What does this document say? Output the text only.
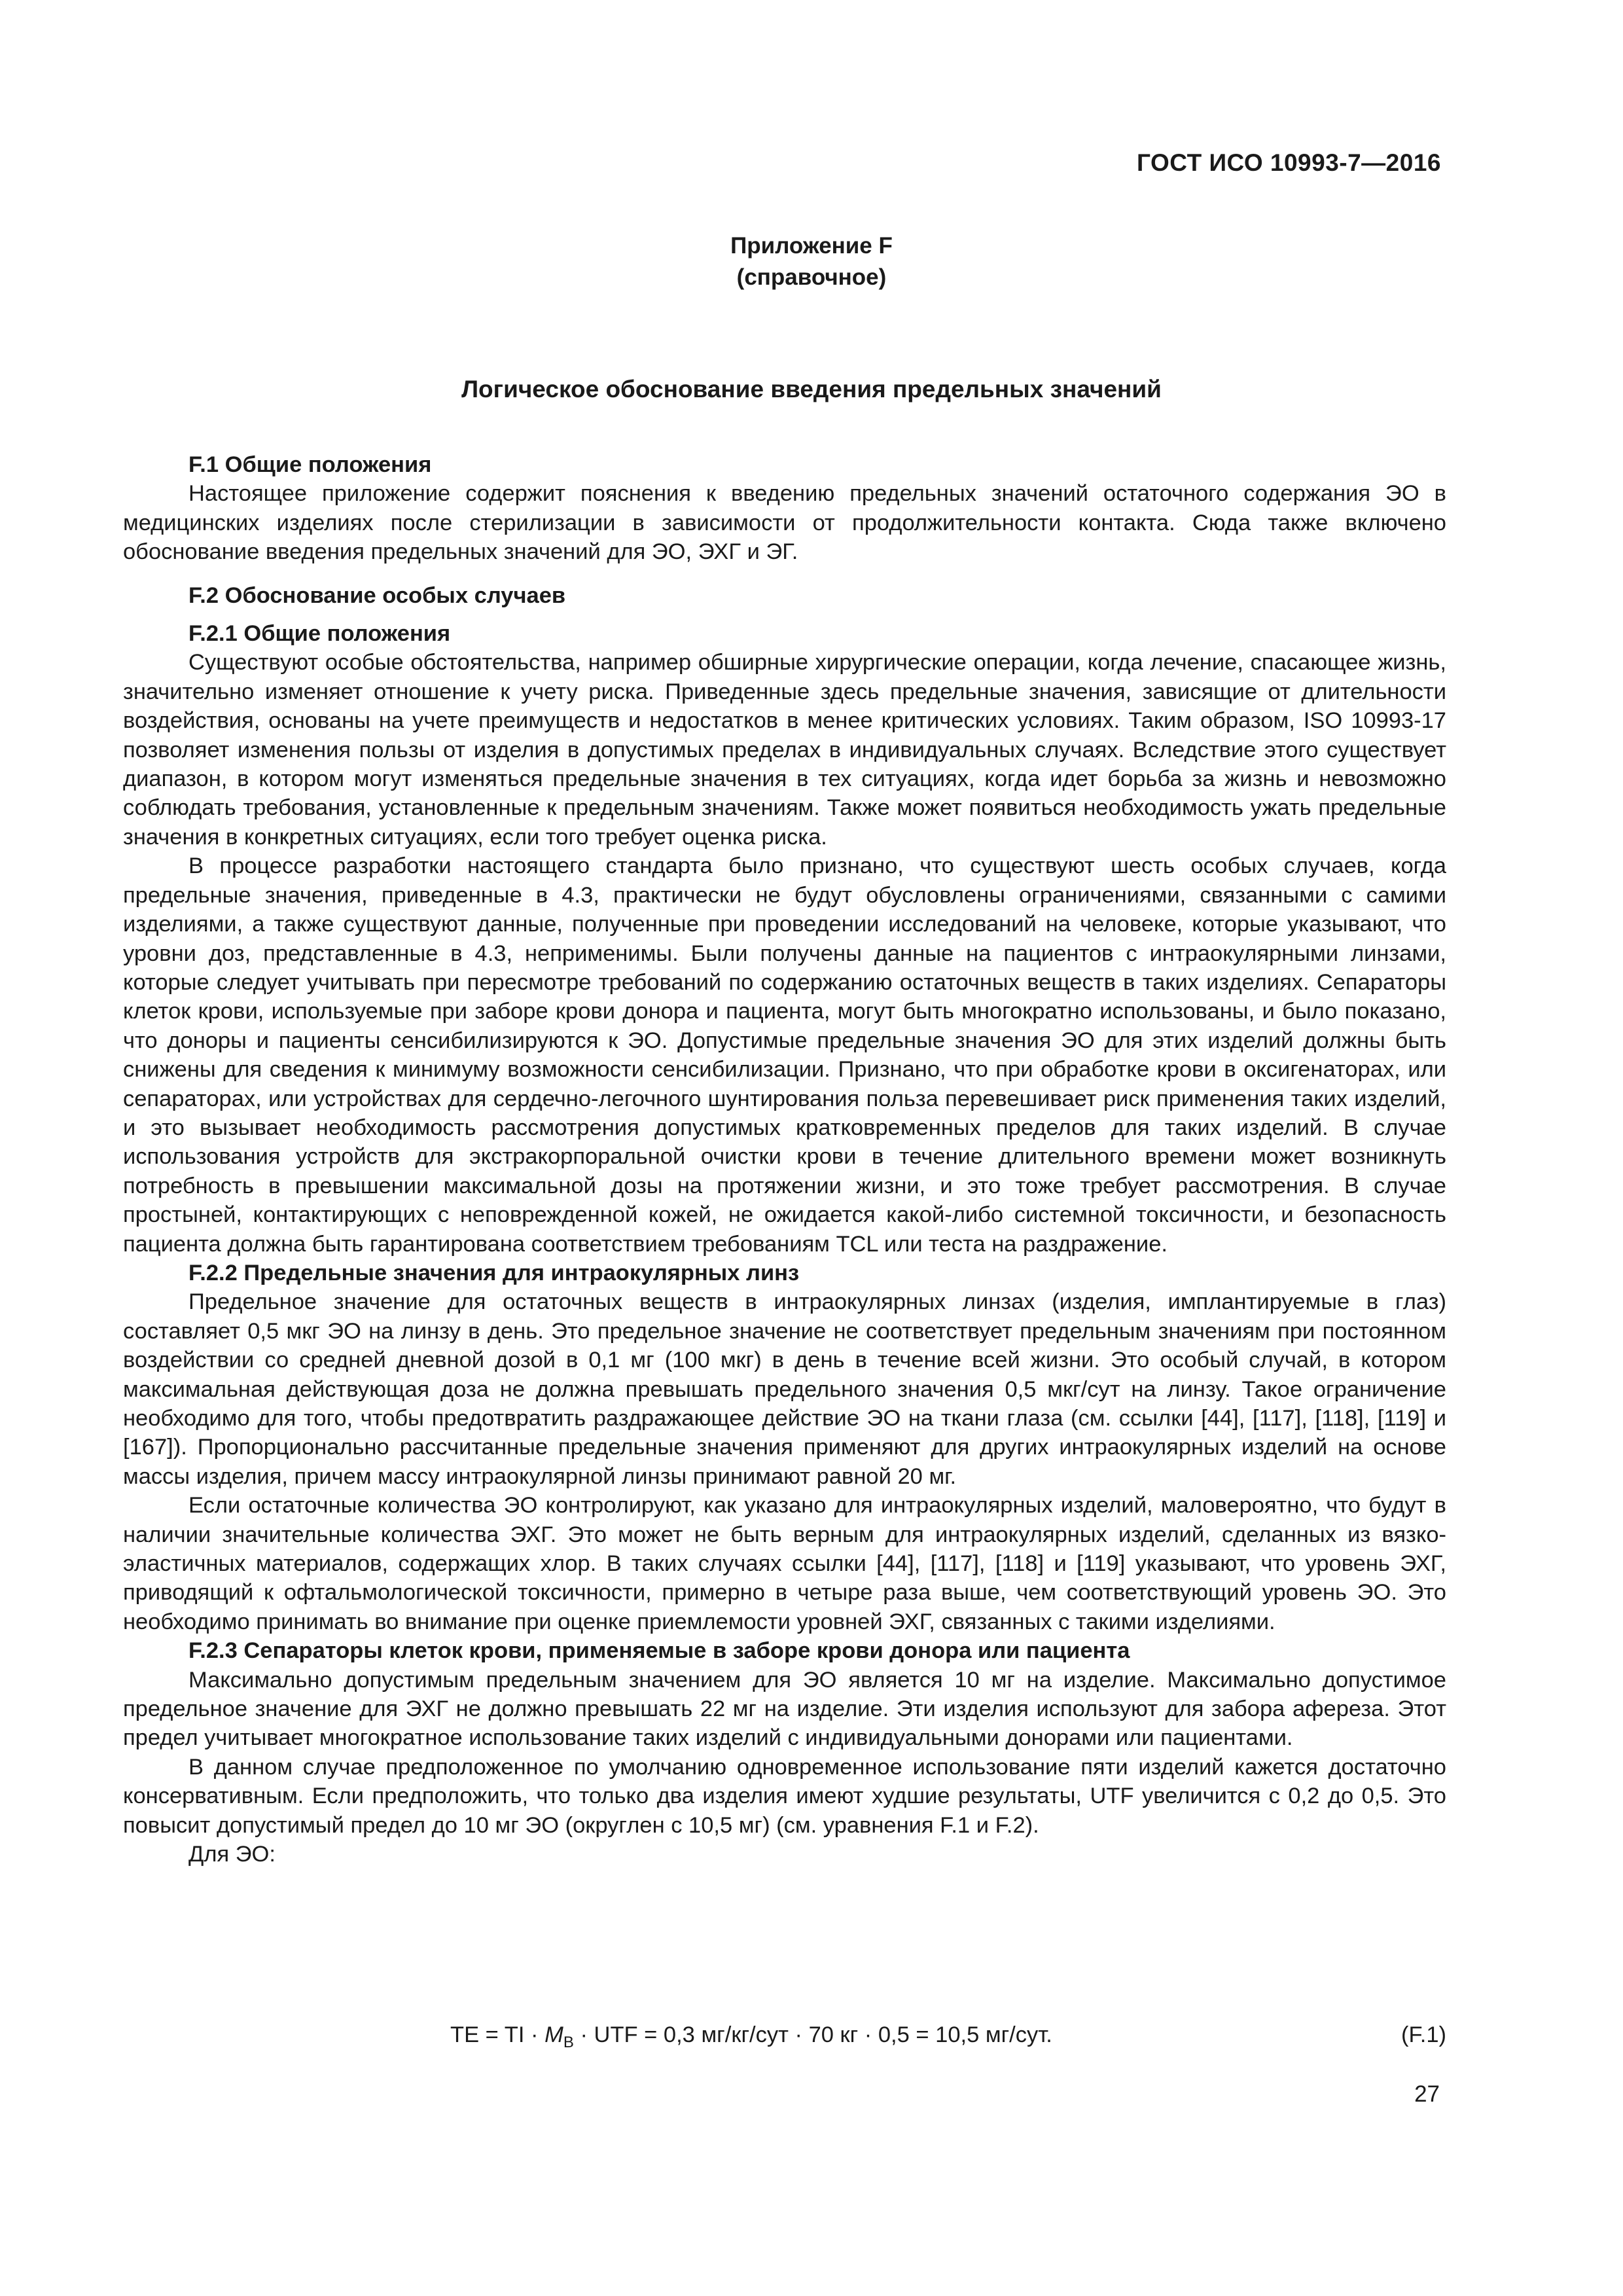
ГОСТ ИСО 10993-7—2016
Приложение F
(справочное)
Логическое обоснование введения предельных значений
F.1 Общие положения

Настоящее приложение содержит пояснения к введению предельных значений остаточного содержания ЭО в медицинских изделиях после стерилизации в зависимости от продолжительности контакта. Сюда также включено обоснование введения предельных значений для ЭО, ЭХГ и ЭГ.

F.2 Обоснование особых случаев
F.2.1 Общие положения

Существуют особые обстоятельства, например обширные хирургические операции, когда лечение, спасающее жизнь, значительно изменяет отношение к учету риска. Приведенные здесь предельные значения, зависящие от длительности воздействия, основаны на учете преимуществ и недостатков в менее критических условиях. Таким образом, ISO 10993-17 позволяет изменения пользы от изделия в допустимых пределах в индивидуальных случаях. Вследствие этого существует диапазон, в котором могут изменяться предельные значения в тех ситуациях, когда идет борьба за жизнь и невозможно соблюдать требования, установленные к предельным значениям. Также может появиться необходимость ужать предельные значения в конкретных ситуациях, если того требует оценка риска.

В процессе разработки настоящего стандарта было признано, что существуют шесть особых случаев, когда предельные значения, приведенные в 4.3, практически не будут обусловлены ограничениями, связанными с самими изделиями, а также существуют данные, полученные при проведении исследований на человеке, которые указывают, что уровни доз, представленные в 4.3, неприменимы. Были получены данные на пациентов с интраокулярными линзами, которые следует учитывать при пересмотре требований по содержанию остаточных веществ в таких изделиях. Сепараторы клеток крови, используемые при заборе крови донора и пациента, могут быть многократно использованы, и было показано, что доноры и пациенты сенсибилизируются к ЭО. Допустимые предельные значения ЭО для этих изделий должны быть снижены для сведения к минимуму возможности сенсибилизации. Признано, что при обработке крови в оксигенаторах, или сепараторах, или устройствах для сердечно-легочного шунтирования польза перевешивает риск применения таких изделий, и это вызывает необходимость рассмотрения допустимых кратковременных пределов для таких изделий. В случае использования устройств для экстракорпоральной очистки крови в течение длительного времени может возникнуть потребность в превышении максимальной дозы на протяжении жизни, и это тоже требует рассмотрения. В случае простыней, контактирующих с неповрежденной кожей, не ожидается какой-либо системной токсичности, и безопасность пациента должна быть гарантирована соответствием требованиям TCL или теста на раздражение.

F.2.2 Предельные значения для интраокулярных линз

Предельное значение для остаточных веществ в интраокулярных линзах (изделия, имплантируемые в глаз) составляет 0,5 мкг ЭО на линзу в день. Это предельное значение не соответствует предельным значениям при постоянном воздействии со средней дневной дозой в 0,1 мг (100 мкг) в день в течение всей жизни. Это особый случай, в котором максимальная действующая доза не должна превышать предельного значения 0,5 мкг/сут на линзу. Такое ограничение необходимо для того, чтобы предотвратить раздражающее действие ЭО на ткани глаза (см. ссылки [44], [117], [118], [119] и [167]). Пропорционально рассчитанные предельные значения применяют для других интраокулярных изделий на основе массы изделия, причем массу интраокулярной линзы принимают равной 20 мг.

Если остаточные количества ЭО контролируют, как указано для интраокулярных изделий, маловероятно, что будут в наличии значительные количества ЭХГ. Это может не быть верным для интраокулярных изделий, сделанных из вязко-эластичных материалов, содержащих хлор. В таких случаях ссылки [44], [117], [118] и [119] указывают, что уровень ЭХГ, приводящий к офтальмологической токсичности, примерно в четыре раза выше, чем соответствующий уровень ЭО. Это необходимо принимать во внимание при оценке приемлемости уровней ЭХГ, связанных с такими изделиями.

F.2.3 Сепараторы клеток крови, применяемые в заборе крови донора или пациента

Максимально допустимым предельным значением для ЭО является 10 мг на изделие. Максимально допустимое предельное значение для ЭХГ не должно превышать 22 мг на изделие. Эти изделия используют для забора афереза. Этот предел учитывает многократное использование таких изделий с индивидуальными донорами или пациентами.

В данном случае предположенное по умолчанию одновременное использование пяти изделий кажется достаточно консервативным. Если предположить, что только два изделия имеют худшие результаты, UTF увеличится с 0,2 до 0,5. Это повысит допустимый предел до 10 мг ЭО (округлен с 10,5 мг) (см. уравнения F.1 и F.2).

Для ЭО:

TE = TI · $M_B$ · UTF = 0,3 мг/кг/сут · 70 кг · 0,5 = 10,5 мг/сут.	(F.1)
27
